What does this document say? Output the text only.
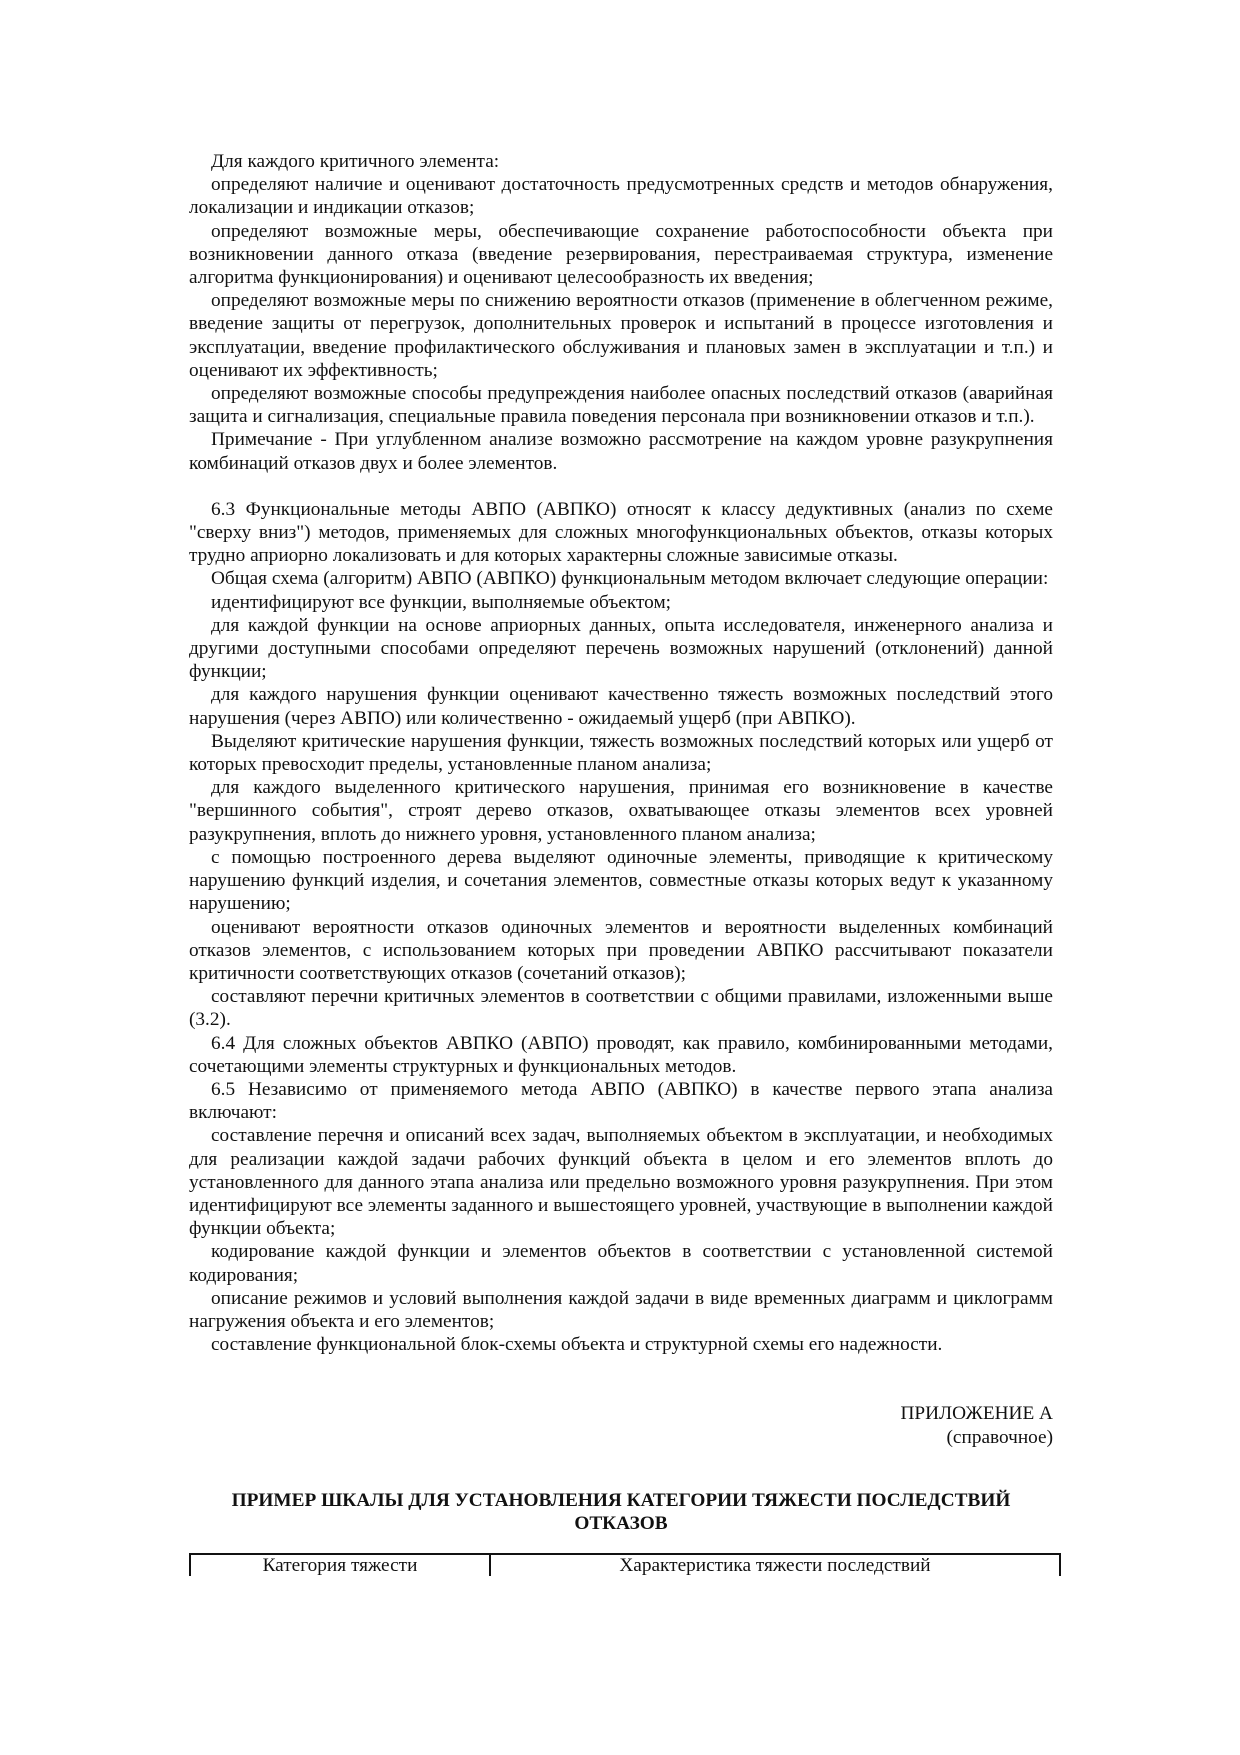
Для каждого критичного элемента:

определяют наличие и оценивают достаточность предусмотренных средств и методов обнаружения, локализации и индикации отказов;

определяют возможные меры, обеспечивающие сохранение работоспособности объекта при возникновении данного отказа (введение резервирования, перестраиваемая структура, изменение алгоритма функционирования) и оценивают целесообразность их введения;

определяют возможные меры по снижению вероятности отказов (применение в облегченном режиме, введение защиты от перегрузок, дополнительных проверок и испытаний в процессе изготовления и эксплуатации, введение профилактического обслуживания и плановых замен в эксплуатации и т.п.) и оценивают их эффективность;

определяют возможные способы предупреждения наиболее опасных последствий отказов (аварийная защита и сигнализация, специальные правила поведения персонала при возникновении отказов и т.п.).

Примечание - При углубленном анализе возможно рассмотрение на каждом уровне разукрупнения комбинаций отказов двух и более элементов.

6.3 Функциональные методы АВПО (АВПКО) относят к классу дедуктивных (анализ по схеме "сверху вниз") методов, применяемых для сложных многофункциональных объектов, отказы которых трудно априорно локализовать и для которых характерны сложные зависимые отказы.

Общая схема (алгоритм) АВПО (АВПКО) функциональным методом включает следующие операции:

идентифицируют все функции, выполняемые объектом;

для каждой функции на основе априорных данных, опыта исследователя, инженерного анализа и другими доступными способами определяют перечень возможных нарушений (отклонений) данной функции;

для каждого нарушения функции оценивают качественно тяжесть возможных последствий этого нарушения (через АВПО) или количественно - ожидаемый ущерб (при АВПКО).

Выделяют критические нарушения функции, тяжесть возможных последствий которых или ущерб от которых превосходит пределы, установленные планом анализа;

для каждого выделенного критического нарушения, принимая его возникновение в качестве "вершинного события", строят дерево отказов, охватывающее отказы элементов всех уровней разукрупнения, вплоть до нижнего уровня, установленного планом анализа;

с помощью построенного дерева выделяют одиночные элементы, приводящие к критическому нарушению функций изделия, и сочетания элементов, совместные отказы которых ведут к указанному нарушению;

оценивают вероятности отказов одиночных элементов и вероятности выделенных комбинаций отказов элементов, с использованием которых при проведении АВПКО рассчитывают показатели критичности соответствующих отказов (сочетаний отказов);

составляют перечни критичных элементов в соответствии с общими правилами, изложенными выше (3.2).

6.4 Для сложных объектов АВПКО (АВПО) проводят, как правило, комбинированными методами, сочетающими элементы структурных и функциональных методов.

6.5 Независимо от применяемого метода АВПО (АВПКО) в качестве первого этапа анализа включают:

составление перечня и описаний всех задач, выполняемых объектом в эксплуатации, и необходимых для реализации каждой задачи рабочих функций объекта в целом и его элементов вплоть до установленного для данного этапа анализа или предельно возможного уровня разукрупнения. При этом идентифицируют все элементы заданного и вышестоящего уровней, участвующие в выполнении каждой функции объекта;

кодирование каждой функции и элементов объектов в соответствии с установленной системой кодирования;

описание режимов и условий выполнения каждой задачи в виде временных диаграмм и циклограмм нагружения объекта и его элементов;

составление функциональной блок-схемы объекта и структурной схемы его надежности.

ПРИЛОЖЕНИЕ А

(справочное)

ПРИМЕР ШКАЛЫ ДЛЯ УСТАНОВЛЕНИЯ КАТЕГОРИИ ТЯЖЕСТИ ПОСЛЕДСТВИЙ ОТКАЗОВ
Категория тяжести	Характеристика тяжести последствий
